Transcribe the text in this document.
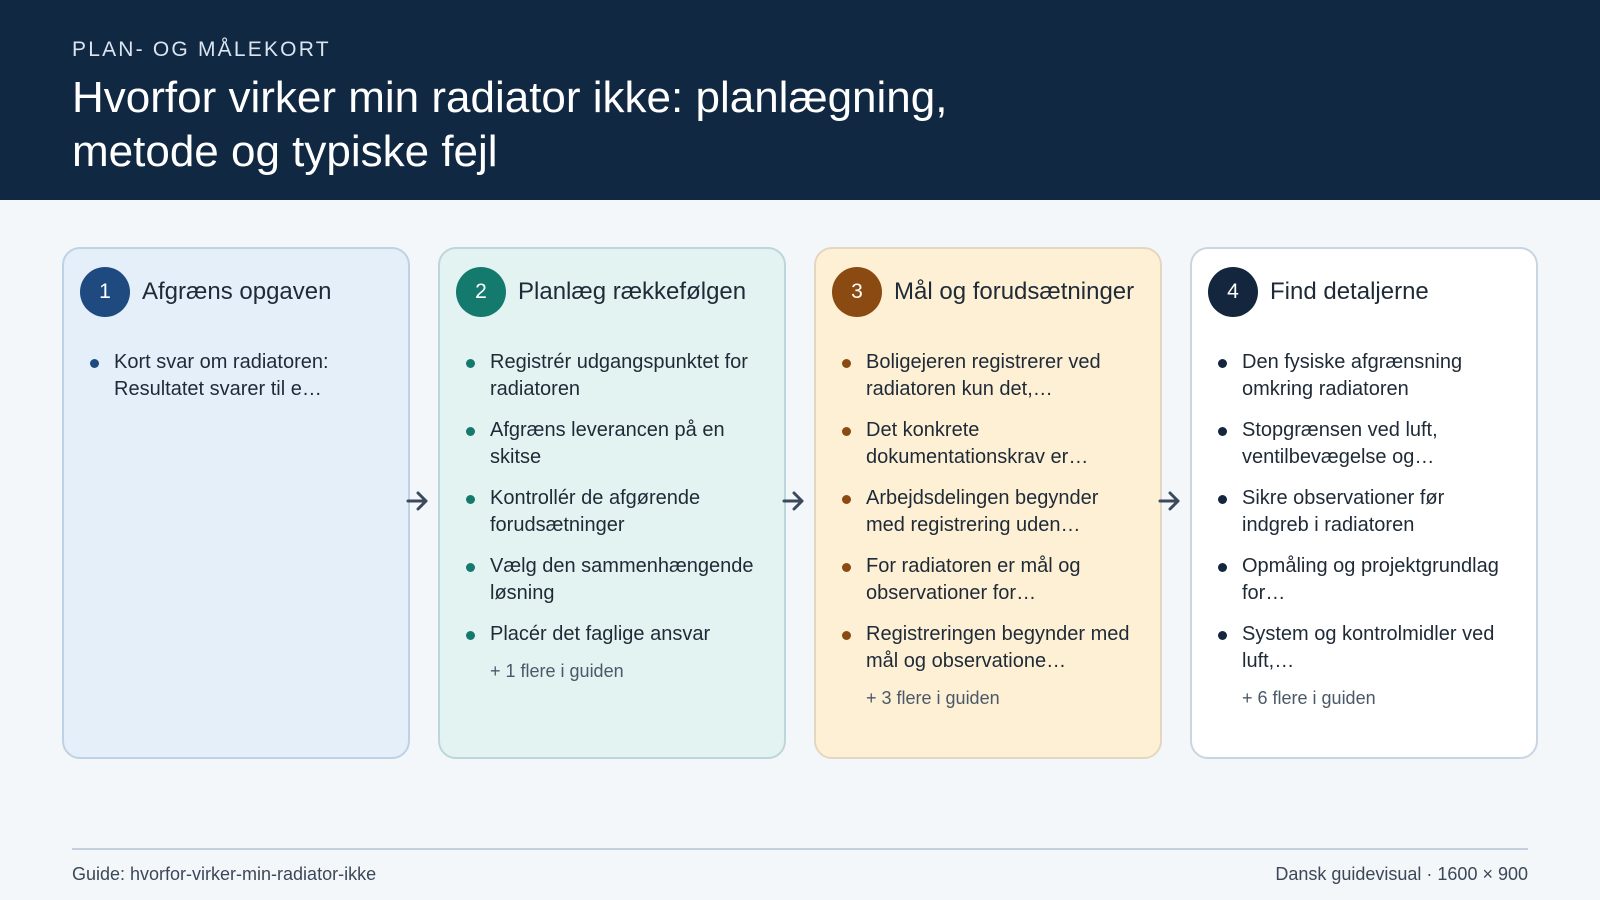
PLAN- OG MÅLEKORT
Hvorfor virker min radiator ikke: planlægning, metode og typiske fejl
1	Afgræns opgaven
Kort svar om radiatoren: Resultatet svarer til e…
2	Planlæg rækkefølgen
Registrér udgangspunktet for radiatoren
Afgræns leverancen på en skitse
Kontrollér de afgørende forudsætninger
Vælg den sammenhængende løsning
Placér det faglige ansvar
+ 1 flere i guiden
3	Mål og forudsætninger
Boligejeren registrerer ved radiatoren kun det,…
Det konkrete dokumentationskrav er…
Arbejdsdelingen begynder med registrering uden…
For radiatoren er mål og observationer for…
Registreringen begynder med mål og observatione…
+ 3 flere i guiden
4	Find detaljerne
Den fysiske afgrænsning omkring radiatoren
Stopgrænsen ved luft, ventilbevægelse og…
Sikre observationer før indgreb i radiatoren
Opmåling og projektgrundlag for…
System og kontrolmidler ved luft,…
+ 6 flere i guiden
Guide: hvorfor-virker-min-radiator-ikke	Dansk guidevisual · 1600 × 900
